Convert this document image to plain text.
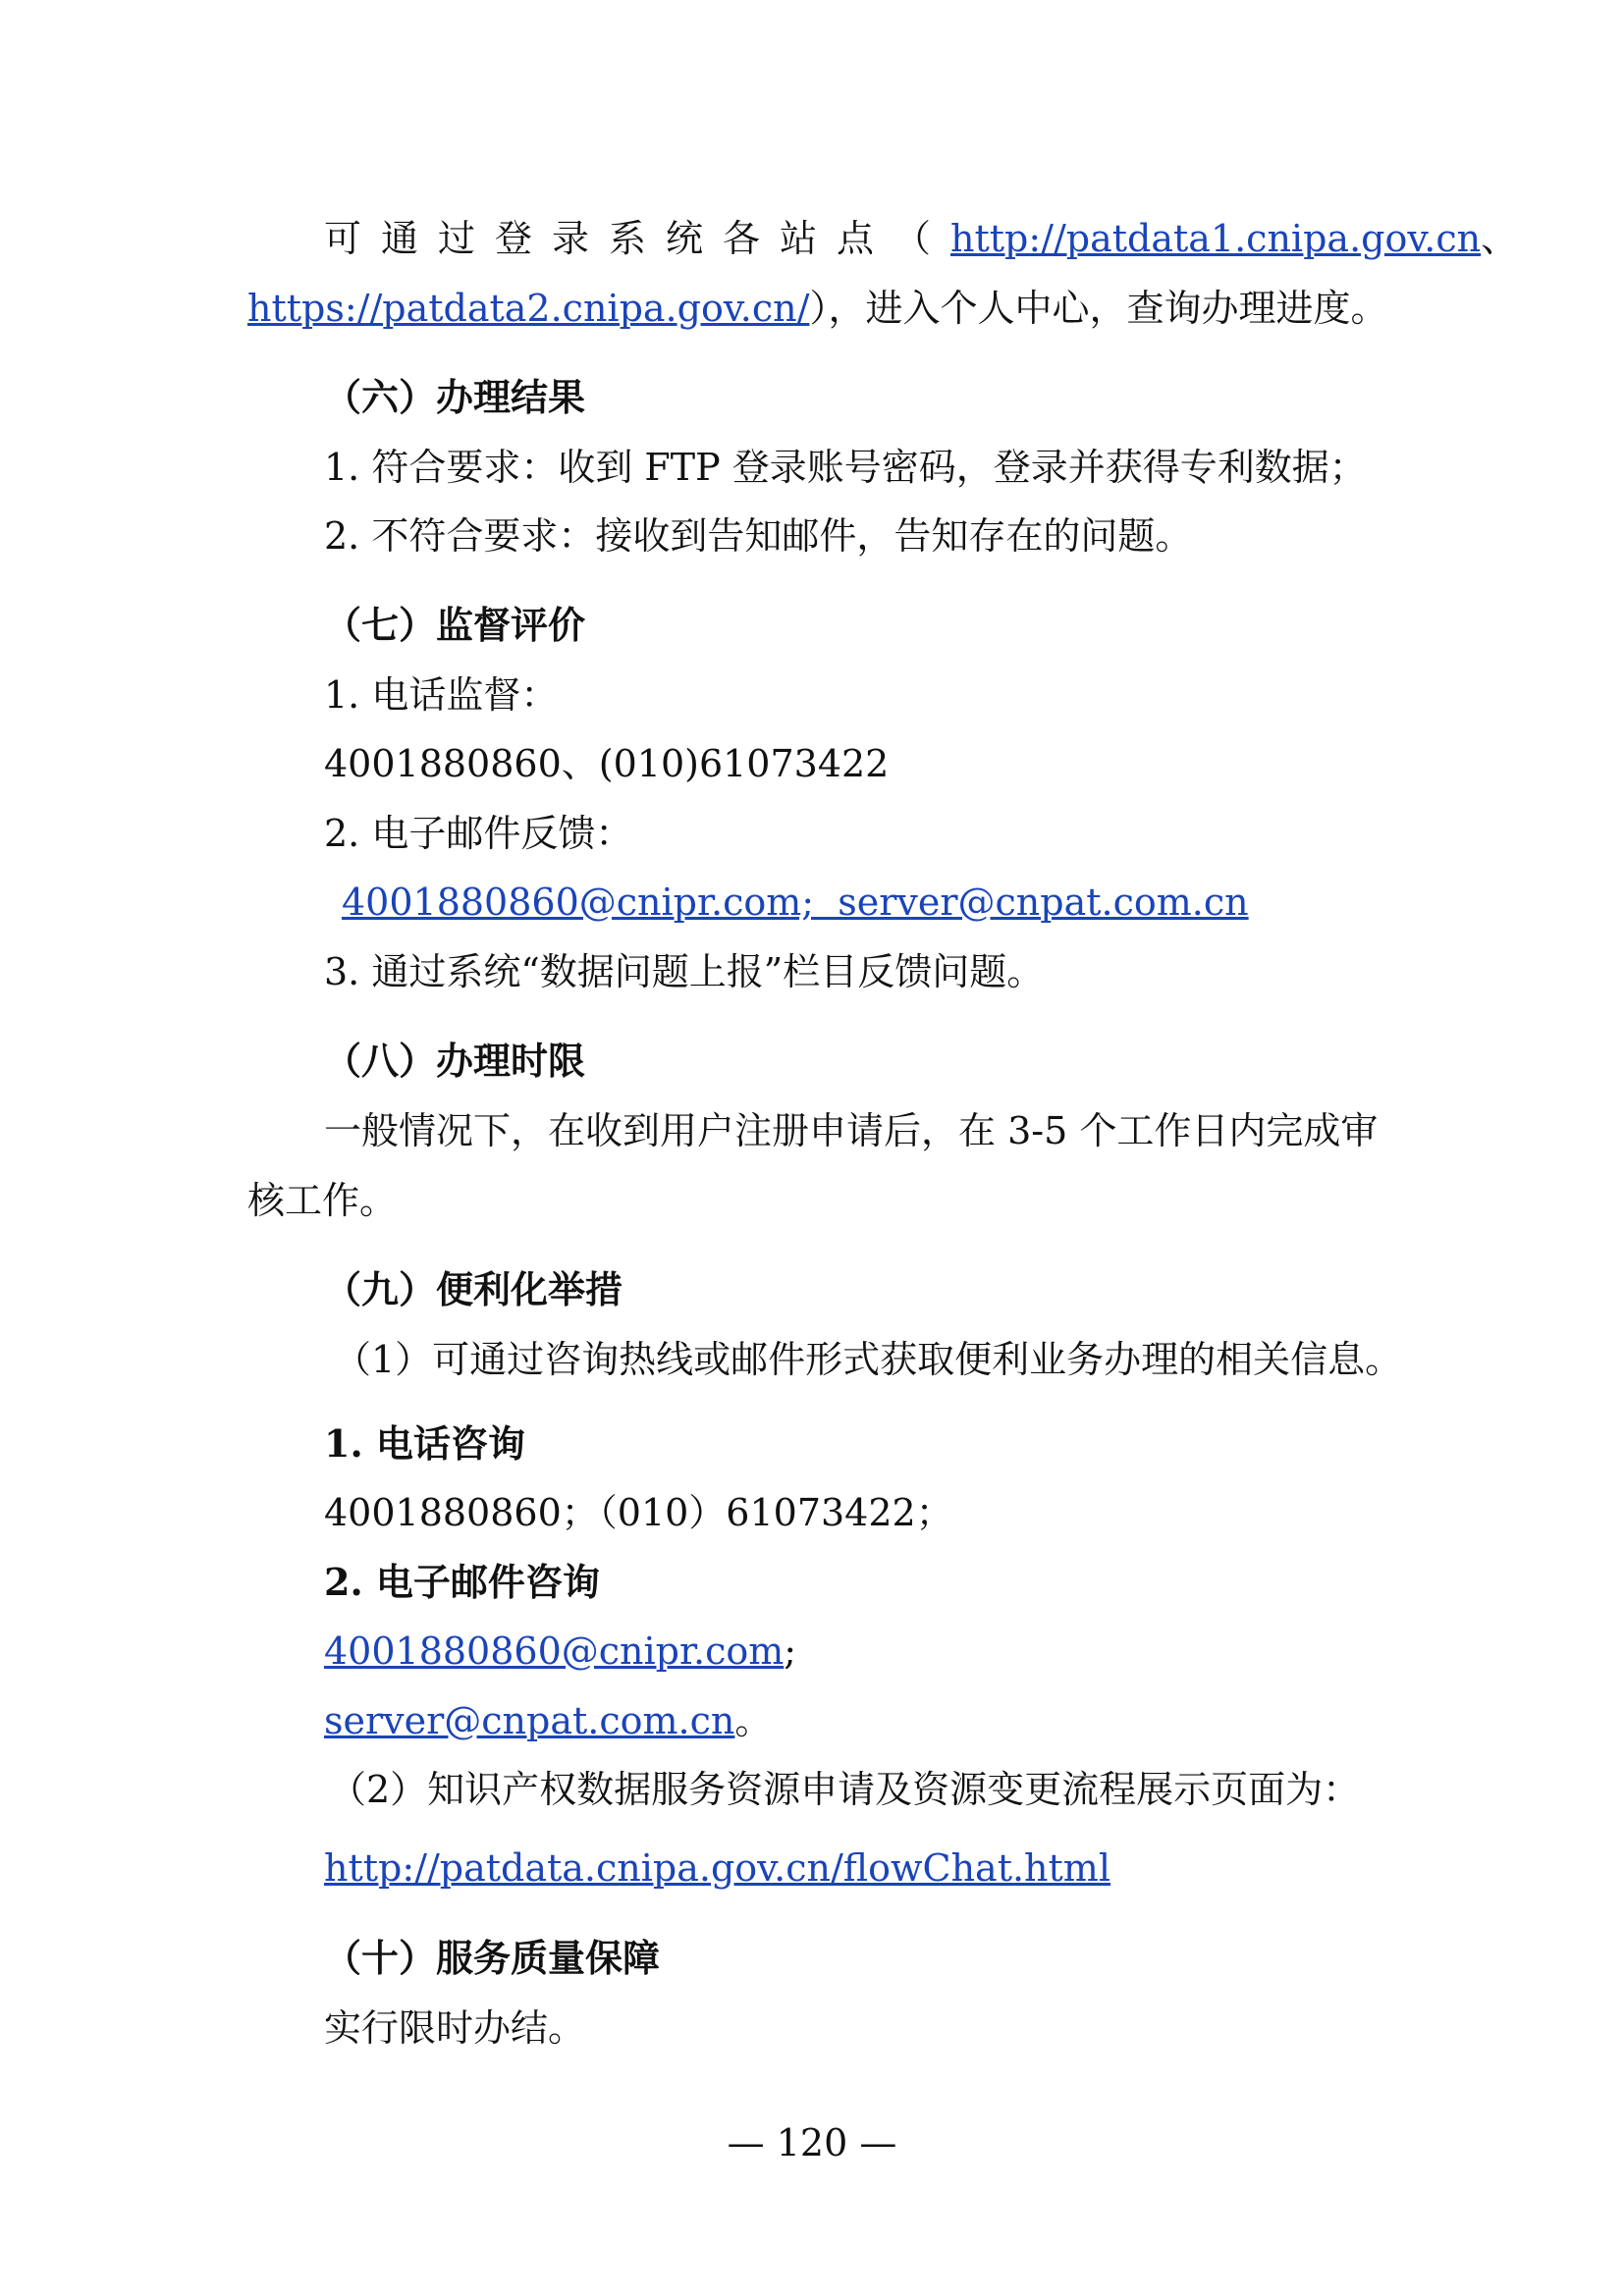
可通过登录系统各站点（http://patdata1.cnipa.gov.cn、
https://patdata2.cnipa.gov.cn/），进入个人中心，查询办理进度。
（六）办理结果
1. 符合要求：收到 FTP 登录账号密码，登录并获得专利数据；
2. 不符合要求：接收到告知邮件，告知存在的问题。
（七）监督评价
1. 电话监督：
4001880860、(010)61073422
2. 电子邮件反馈：
4001880860@cnipr.com;  server@cnpat.com.cn
3. 通过系统“数据问题上报”栏目反馈问题。
（八）办理时限
一般情况下，在收到用户注册申请后，在 3-5 个工作日内完成审
核工作。
（九）便利化举措
（1）可通过咨询热线或邮件形式获取便利业务办理的相关信息。
1. 电话咨询
4001880860；（010）61073422；
2. 电子邮件咨询
4001880860@cnipr.com;
server@cnpat.com.cn。
（2）知识产权数据服务资源申请及资源变更流程展示页面为：
http://patdata.cnipa.gov.cn/flowChat.html
（十）服务质量保障
实行限时办结。
— 120 —
